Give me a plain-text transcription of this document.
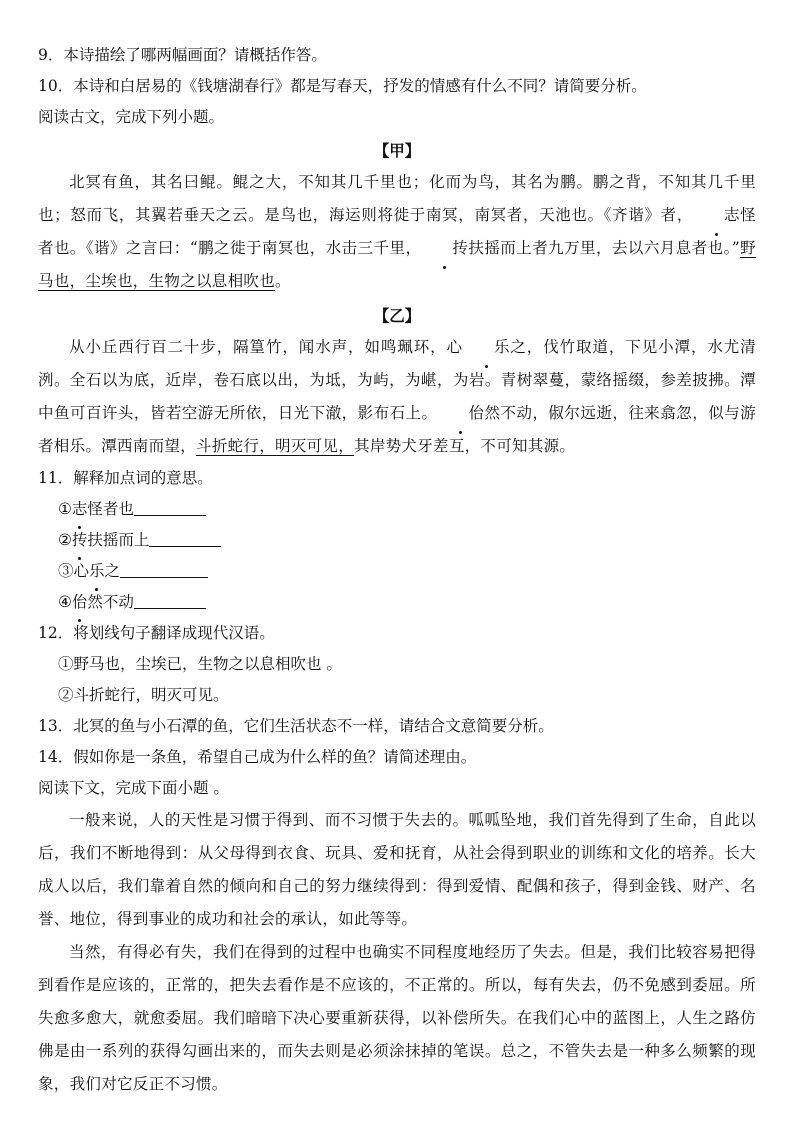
9．本诗描绘了哪两幅画面？请概括作答。
10．本诗和白居易的《钱塘湖春行》都是写春天，抒发的情感有什么不同？请简要分析。
阅读古文，完成下列小题。
【甲】
北冥有鱼，其名曰鲲。鲲之大，不知其几千里也；化而为鸟，其名为鹏。鹏之背，不知其几千里也；怒而飞，其翼若垂天之云。是鸟也，海运则将徙于南冥，南冥者，天池也。《齐谐》者， 志怪者也。《谐》之言曰：“鹏之徙于南冥也，水击三千里， 抟扶摇而上者九万里，去以六月息者也。”野马也，尘埃也，生物之以息相吹也。
【乙】
从小丘西行百二十步，隔篁竹，闻水声，如鸣珮环，心 乐之，伐竹取道，下见小潭，水尤清洌。全石以为底，近岸，卷石底以出，为坻，为屿，为嵁，为岩。青树翠蔓，蒙络摇缀，参差披拂。潭中鱼可百许头，皆若空游无所依，日光下澈，影布石上。 佁然不动，俶尔远逝，往来翕忽，似与游者相乐。潭西南而望，斗折蛇行，明灭可见，其岸势犬牙差互，不可知其源。
11．解释加点词的意思。
①志怪者也
②抟扶摇而上
③心乐之
④佁然不动
12．将划线句子翻译成现代汉语。
①野马也，尘埃已，生物之以息相吹也 。
②斗折蛇行，明灭可见。
13．北冥的鱼与小石潭的鱼，它们生活状态不一样，请结合文意简要分析。
14．假如你是一条鱼，希望自己成为什么样的鱼？请简述理由。
阅读下文，完成下面小题 。
一般来说，人的天性是习惯于得到、而不习惯于失去的。呱呱坠地，我们首先得到了生命，自此以后，我们不断地得到：从父母得到衣食、玩具、爱和抚育，从社会得到职业的训练和文化的培养。长大成人以后，我们靠着自然的倾向和自己的努力继续得到：得到爱情、配偶和孩子，得到金钱、财产、名誉、地位，得到事业的成功和社会的承认，如此等等。
当然，有得必有失，我们在得到的过程中也确实不同程度地经历了失去。但是，我们比较容易把得到看作是应该的，正常的，把失去看作是不应该的，不正常的。所以，每有失去，仍不免感到委屈。所失愈多愈大，就愈委屈。我们暗暗下决心要重新获得，以补偿所失。在我们心中的蓝图上，人生之路仿佛是由一系列的获得勾画出来的，而失去则是必须涂抹掉的笔误。总之，不管失去是一种多么频繁的现象，我们对它反正不习惯。
